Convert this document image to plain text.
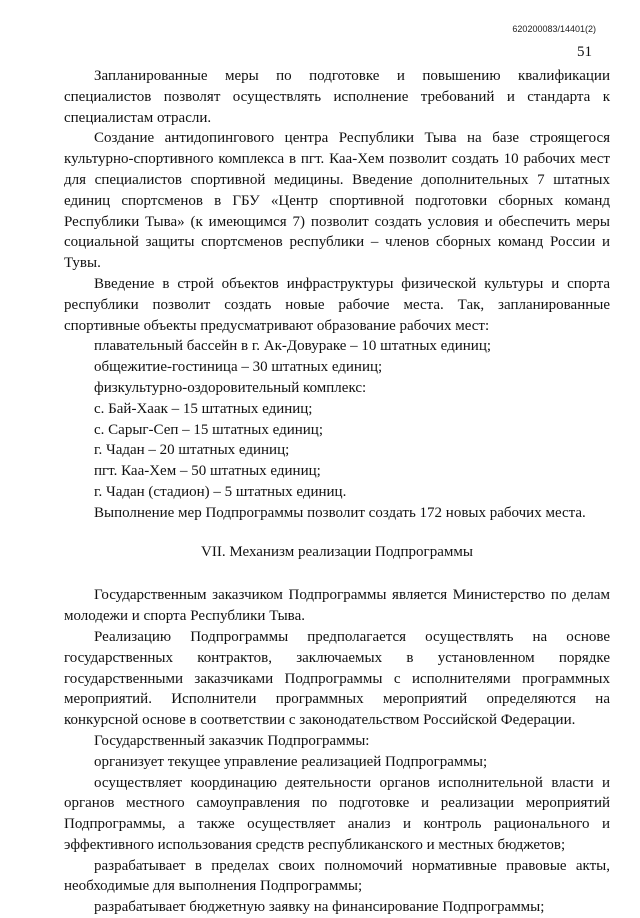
620200083/14401(2)
51

Запланированные меры по подготовке и повышению квалификации специалистов позволят осуществлять исполнение требований и стандарта к специалистам отрасли.

Создание антидопингового центра Республики Тыва на базе строящегося культурно-спортивного комплекса в пгт. Каа-Хем позволит создать 10 рабочих мест для специалистов спортивной медицины. Введение дополнительных 7 штатных единиц спортсменов в ГБУ «Центр спортивной подготовки сборных команд Республики Тыва» (к имеющимся 7) позволит создать условия и обеспечить меры социальной защиты спортсменов республики – членов сборных команд России и Тувы.

Введение в строй объектов инфраструктуры физической культуры и спорта республики позволит создать новые рабочие места. Так, запланированные спортивные объекты предусматривают образование рабочих мест:

плавательный бассейн в г. Ак-Довураке – 10 штатных единиц;

общежитие-гостиница – 30 штатных единиц;

физкультурно-оздоровительный комплекс:

с. Бай-Хаак – 15 штатных единиц;

с. Сарыг-Сеп – 15 штатных единиц;

г. Чадан – 20 штатных единиц;

пгт. Каа-Хем – 50 штатных единиц;

г. Чадан (стадион) – 5 штатных единиц.

Выполнение мер Подпрограммы позволит создать 172 новых рабочих места.

VII. Механизм реализации Подпрограммы

Государственным заказчиком Подпрограммы является Министерство по делам молодежи и спорта Республики Тыва.

Реализацию Подпрограммы предполагается осуществлять на основе государственных контрактов, заключаемых в установленном порядке государственными заказчиками Подпрограммы с исполнителями программных мероприятий. Исполнители программных мероприятий определяются на конкурсной основе в соответствии с законодательством Российской Федерации.

Государственный заказчик Подпрограммы:

организует текущее управление реализацией Подпрограммы;

осуществляет координацию деятельности органов исполнительной власти и органов местного самоуправления по подготовке и реализации мероприятий Подпрограммы, а также осуществляет анализ и контроль рационального и эффективного использования средств республиканского и местных бюджетов;

разрабатывает в пределах своих полномочий нормативные правовые акты, необходимые для выполнения Подпрограммы;

разрабатывает бюджетную заявку на финансирование Подпрограммы;
